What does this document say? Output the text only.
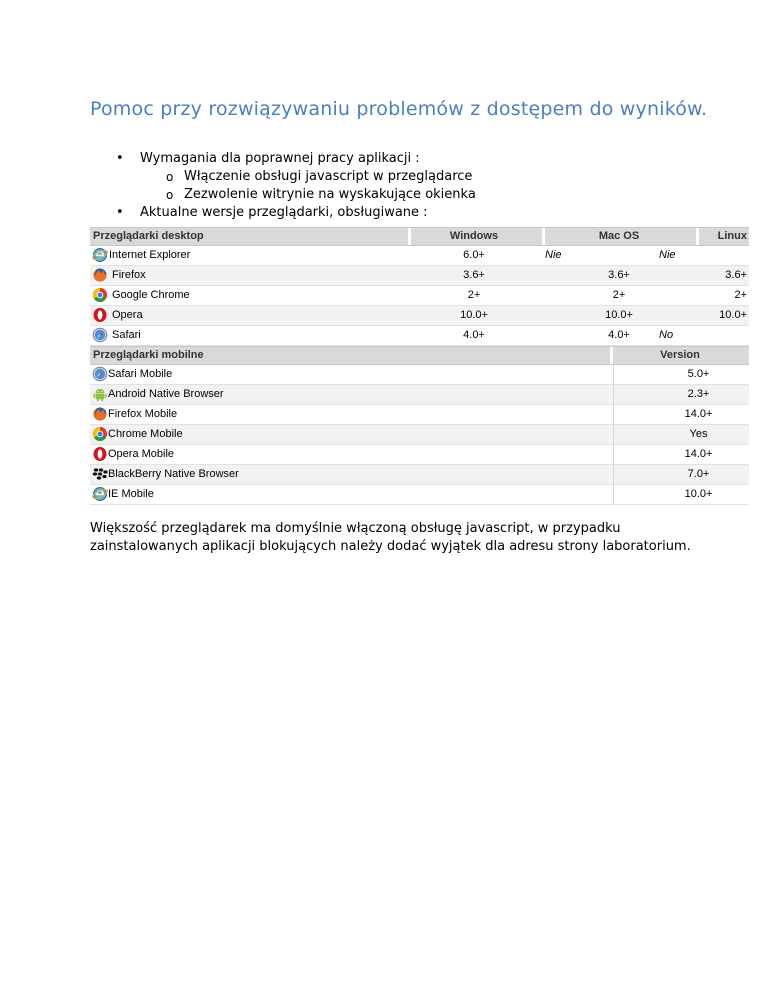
Pomoc przy rozwiązywaniu problemów z dostępem do wyników.
• Wymagania dla poprawnej pracy aplikacji :
o Włączenie obsługi javascript w przeglądarce
o Zezwolenie witrynie na wyskakujące okienka
• Aktualne wersje przeglądarki, obsługiwane :
Przeglądarki desktop	Windows	Mac OS	Linux
Internet Explorer	6.0+	Nie	Nie
Firefox	3.6+	3.6+	3.6+
Google Chrome	2+	2+	2+
Opera	10.0+	10.0+	10.0+
Safari	4.0+	4.0+	No
Przeglądarki mobilne	Version
Safari Mobile	5.0+
Android Native Browser	2.3+
Firefox Mobile	14.0+
Chrome Mobile	Yes
Opera Mobile	14.0+
BlackBerry Native Browser	7.0+
IE Mobile	10.0+
Większość przeglądarek ma domyślnie włączoną obsługę javascript, w przypadku zainstalowanych aplikacji blokujących należy dodać wyjątek dla adresu strony laboratorium.
